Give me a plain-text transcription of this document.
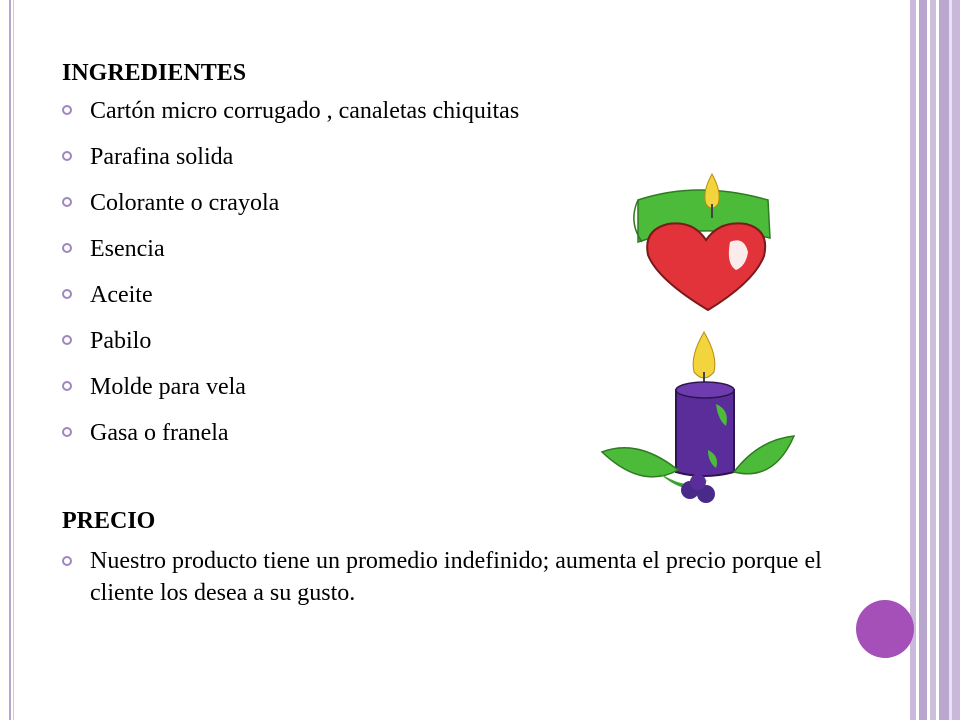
INGREDIENTES
Cartón micro corrugado , canaletas chiquitas
Parafina solida
Colorante o crayola
Esencia
Aceite
Pabilo
Molde para vela
Gasa o franela
PRECIO
Nuestro producto tiene un promedio indefinido; aumenta el precio porque el cliente los desea a su gusto.
